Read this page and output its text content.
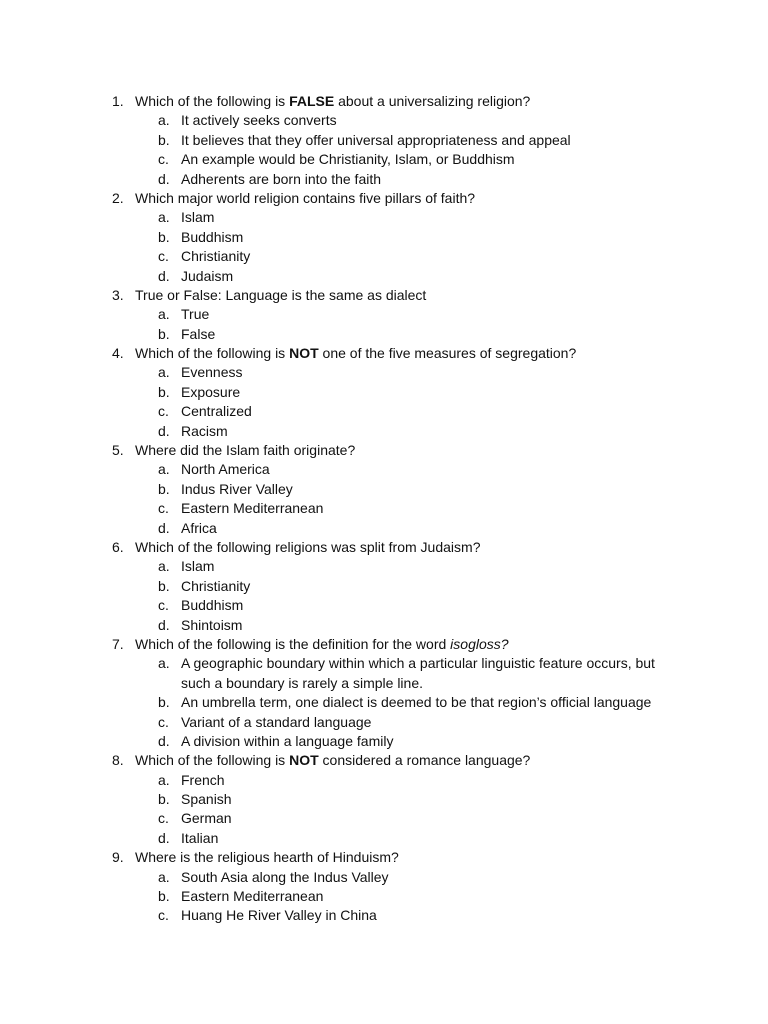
1. Which of the following is FALSE about a universalizing religion?
a. It actively seeks converts
b. It believes that they offer universal appropriateness and appeal
c. An example would be Christianity, Islam, or Buddhism
d. Adherents are born into the faith
2. Which major world religion contains five pillars of faith?
a. Islam
b. Buddhism
c. Christianity
d. Judaism
3. True or False: Language is the same as dialect
a. True
b. False
4. Which of the following is NOT one of the five measures of segregation?
a. Evenness
b. Exposure
c. Centralized
d. Racism
5. Where did the Islam faith originate?
a. North America
b. Indus River Valley
c. Eastern Mediterranean
d. Africa
6. Which of the following religions was split from Judaism?
a. Islam
b. Christianity
c. Buddhism
d. Shintoism
7. Which of the following is the definition for the word isogloss?
a. A geographic boundary within which a particular linguistic feature occurs, but
such a boundary is rarely a simple line.
b. An umbrella term, one dialect is deemed to be that region’s official language
c. Variant of a standard language
d. A division within a language family
8. Which of the following is NOT considered a romance language?
a. French
b. Spanish
c. German
d. Italian
9. Where is the religious hearth of Hinduism?
a. South Asia along the Indus Valley
b. Eastern Mediterranean
c. Huang He River Valley in China
